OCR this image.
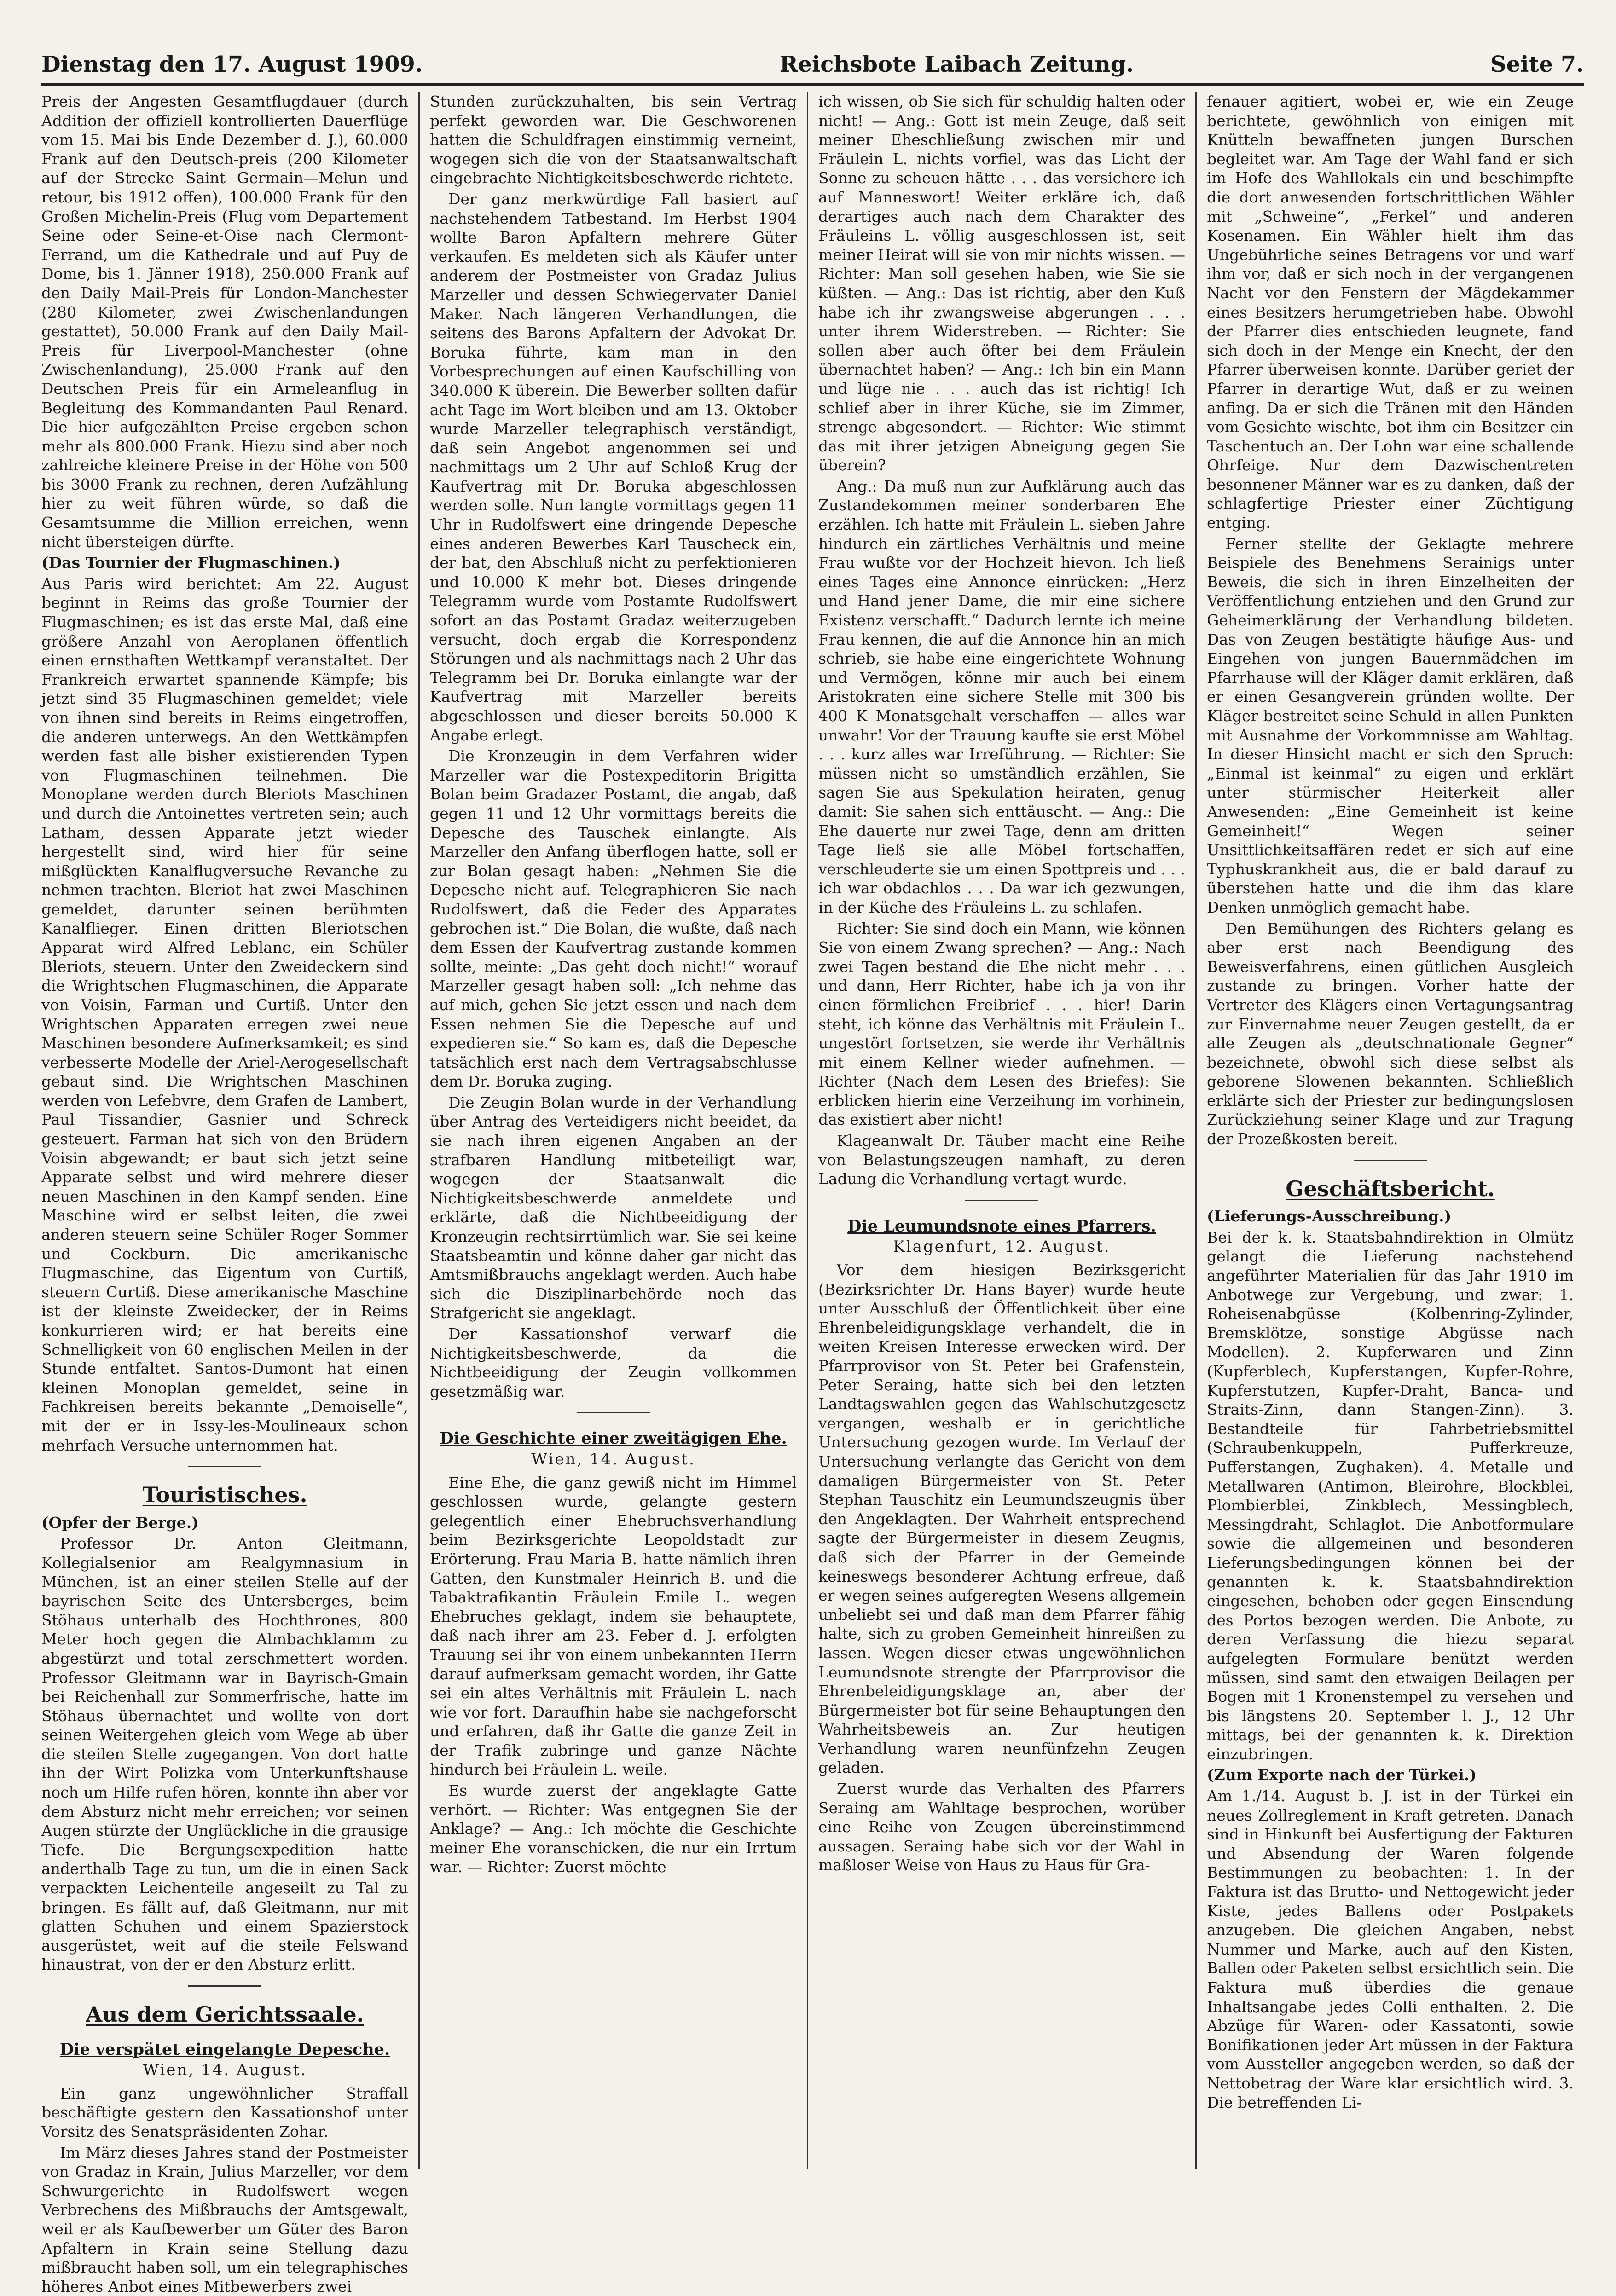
Dienstag den 17. August 1909.	Reichsbote Laibach Zeitung.	Seite 7.

Preis der Angesten Gesamtflugdauer (durch Addition der offiziell kontrollierten Dauerflüge vom 15. Mai bis Ende Dezember d. J.), 60.000 Frank auf den Deutsch-preis (200 Kilometer auf der Strecke Saint Germain—Melun und retour, bis 1912 offen), 100.000 Frank für den Großen Michelin-Preis (Flug vom Departement Seine oder Seine-et-Oise nach Clermont-Ferrand, um die Kathedrale und auf Puy de Dome, bis 1. Jänner 1918), 250.000 Frank auf den Daily Mail-Preis für London-Manchester (280 Kilometer, zwei Zwischenlandungen gestattet), 50.000 Frank auf den Daily Mail-Preis für Liverpool-Manchester (ohne Zwischenlandung), 25.000 Frank auf den Deutschen Preis für ein Armeleanflug in Begleitung des Kommandanten Paul Renard. Die hier aufgezählten Preise ergeben schon mehr als 800.000 Frank. Hiezu sind aber noch zahlreiche kleinere Preise in der Höhe von 500 bis 3000 Frank zu rechnen, deren Aufzählung hier zu weit führen würde, so daß die Gesamtsumme die Million erreichen, wenn nicht übersteigen dürfte.

(Das Tournier der Flugmaschinen.)

Aus Paris wird berichtet: Am 22. August beginnt in Reims das große Tournier der Flugmaschinen; es ist das erste Mal, daß eine größere Anzahl von Aeroplanen öffentlich einen ernsthaften Wettkampf veranstaltet. Der Frankreich erwartet spannende Kämpfe; bis jetzt sind 35 Flugmaschinen gemeldet; viele von ihnen sind bereits in Reims eingetroffen, die anderen unterwegs. An den Wettkämpfen werden fast alle bisher existierenden Typen von Flugmaschinen teilnehmen. Die Monoplane werden durch Bleriots Maschinen und durch die Antoinettes vertreten sein; auch Latham, dessen Apparate jetzt wieder hergestellt sind, wird hier für seine mißglückten Kanalflugversuche Revanche zu nehmen trachten. Bleriot hat zwei Maschinen gemeldet, darunter seinen berühmten Kanalflieger. Einen dritten Bleriotschen Apparat wird Alfred Leblanc, ein Schüler Bleriots, steuern. Unter den Zweideckern sind die Wrightschen Flugmaschinen, die Apparate von Voisin, Farman und Curtiß. Unter den Wrightschen Apparaten erregen zwei neue Maschinen besondere Aufmerksamkeit; es sind verbesserte Modelle der Ariel-Aerogesellschaft gebaut sind. Die Wrightschen Maschinen werden von Lefebvre, dem Grafen de Lambert, Paul Tissandier, Gasnier und Schreck gesteuert. Farman hat sich von den Brüdern Voisin abgewandt; er baut sich jetzt seine Apparate selbst und wird mehrere dieser neuen Maschinen in den Kampf senden. Eine Maschine wird er selbst leiten, die zwei anderen steuern seine Schüler Roger Sommer und Cockburn. Die amerikanische Flugmaschine, das Eigentum von Curtiß, steuern Curtiß. Diese amerikanische Maschine ist der kleinste Zweidecker, der in Reims konkurrieren wird; er hat bereits eine Schnelligkeit von 60 englischen Meilen in der Stunde entfaltet. Santos-Dumont hat einen kleinen Monoplan gemeldet, seine in Fachkreisen bereits bekannte „Demoiselle“, mit der er in Issy-les-Moulineaux schon mehrfach Versuche unternommen hat.

Touristisches.

(Opfer der Berge.)

Professor Dr. Anton Gleitmann, Kollegialsenior am Realgymnasium in München, ist an einer steilen Stelle auf der bayrischen Seite des Untersberges, beim Stöhaus unterhalb des Hochthrones, 800 Meter hoch gegen die Almbachklamm zu abgestürzt und total zerschmettert worden. Professor Gleitmann war in Bayrisch-Gmain bei Reichenhall zur Sommerfrische, hatte im Stöhaus übernachtet und wollte von dort seinen Weitergehen gleich vom Wege ab über die steilen Stelle zugegangen. Von dort hatte ihn der Wirt Polizka vom Unterkunftshause noch um Hilfe rufen hören, konnte ihn aber vor dem Absturz nicht mehr erreichen; vor seinen Augen stürzte der Unglückliche in die grausige Tiefe. Die Bergungsexpedition hatte anderthalb Tage zu tun, um die in einen Sack verpackten Leichenteile angeseilt zu Tal zu bringen. Es fällt auf, daß Gleitmann, nur mit glatten Schuhen und einem Spazierstock ausgerüstet, weit auf die steile Felswand hinaustrat, von der er den Absturz erlitt.

Aus dem Gerichtssaale.
Die verspätet eingelangte Depesche.
Wien, 14. August.

Ein ganz ungewöhnlicher Straffall beschäftigte gestern den Kassationshof unter Vorsitz des Senatspräsidenten Zohar.

Im März dieses Jahres stand der Postmeister von Gradaz in Krain, Julius Marzeller, vor dem Schwurgerichte in Rudolfswert wegen Verbrechens des Mißbrauchs der Amtsgewalt, weil er als Kaufbewerber um Güter des Baron Apfaltern in Krain seine Stellung dazu mißbraucht haben soll, um ein telegraphisches höheres Anbot eines Mitbewerbers zwei

Stunden zurückzuhalten, bis sein Vertrag perfekt geworden war. Die Geschworenen hatten die Schuldfragen einstimmig verneint, wogegen sich die von der Staatsanwaltschaft eingebrachte Nichtigkeitsbeschwerde richtete.

Der ganz merkwürdige Fall basiert auf nachstehendem Tatbestand. Im Herbst 1904 wollte Baron Apfaltern mehrere Güter verkaufen. Es meldeten sich als Käufer unter anderem der Postmeister von Gradaz Julius Marzeller und dessen Schwiegervater Daniel Maker. Nach längeren Verhandlungen, die seitens des Barons Apfaltern der Advokat Dr. Boruka führte, kam man in den Vorbesprechungen auf einen Kaufschilling von 340.000 K überein. Die Bewerber sollten dafür acht Tage im Wort bleiben und am 13. Oktober wurde Marzeller telegraphisch verständigt, daß sein Angebot angenommen sei und nachmittags um 2 Uhr auf Schloß Krug der Kaufvertrag mit Dr. Boruka abgeschlossen werden solle. Nun langte vormittags gegen 11 Uhr in Rudolfswert eine dringende Depesche eines anderen Bewerbes Karl Tauscheck ein, der bat, den Abschluß nicht zu perfektionieren und 10.000 K mehr bot. Dieses dringende Telegramm wurde vom Postamte Rudolfswert sofort an das Postamt Gradaz weiterzugeben versucht, doch ergab die Korrespondenz Störungen und als nachmittags nach 2 Uhr das Telegramm bei Dr. Boruka einlangte war der Kaufvertrag mit Marzeller bereits abgeschlossen und dieser bereits 50.000 K Angabe erlegt.

Die Kronzeugin in dem Verfahren wider Marzeller war die Postexpeditorin Brigitta Bolan beim Gradazer Postamt, die angab, daß gegen 11 und 12 Uhr vormittags bereits die Depesche des Tauschek einlangte. Als Marzeller den Anfang überflogen hatte, soll er zur Bolan gesagt haben: „Nehmen Sie die Depesche nicht auf. Telegraphieren Sie nach Rudolfswert, daß die Feder des Apparates gebrochen ist.“ Die Bolan, die wußte, daß nach dem Essen der Kaufvertrag zustande kommen sollte, meinte: „Das geht doch nicht!“ worauf Marzeller gesagt haben soll: „Ich nehme das auf mich, gehen Sie jetzt essen und nach dem Essen nehmen Sie die Depesche auf und expedieren sie.“ So kam es, daß die Depesche tatsächlich erst nach dem Vertragsabschlusse dem Dr. Boruka zuging.

Die Zeugin Bolan wurde in der Verhandlung über Antrag des Verteidigers nicht beeidet, da sie nach ihren eigenen Angaben an der strafbaren Handlung mitbeteiligt war, wogegen der Staatsanwalt die Nichtigkeitsbeschwerde anmeldete und erklärte, daß die Nichtbeeidigung der Kronzeugin rechtsirrtümlich war. Sie sei keine Staatsbeamtin und könne daher gar nicht das Amtsmißbrauchs angeklagt werden. Auch habe sich die Disziplinarbehörde noch das Strafgericht sie angeklagt.

Der Kassationshof verwarf die Nichtigkeitsbeschwerde, da die Nichtbeeidigung der Zeugin vollkommen gesetzmäßig war.

Die Geschichte einer zweitägigen Ehe.
Wien, 14. August.

Eine Ehe, die ganz gewiß nicht im Himmel geschlossen wurde, gelangte gestern gelegentlich einer Ehebruchsverhandlung beim Bezirksgerichte Leopoldstadt zur Erörterung. Frau Maria B. hatte nämlich ihren Gatten, den Kunstmaler Heinrich B. und die Tabaktrafikantin Fräulein Emile L. wegen Ehebruches geklagt, indem sie behauptete, daß nach ihrer am 23. Feber d. J. erfolgten Trauung sei ihr von einem unbekannten Herrn darauf aufmerksam gemacht worden, ihr Gatte sei ein altes Verhältnis mit Fräulein L. nach wie vor fort. Daraufhin habe sie nachgeforscht und erfahren, daß ihr Gatte die ganze Zeit in der Trafik zubringe und ganze Nächte hindurch bei Fräulein L. weile.

Es wurde zuerst der angeklagte Gatte verhört. — Richter: Was entgegnen Sie der Anklage? — Ang.: Ich möchte die Geschichte meiner Ehe voranschicken, die nur ein Irrtum war. — Richter: Zuerst möchte

ich wissen, ob Sie sich für schuldig halten oder nicht! — Ang.: Gott ist mein Zeuge, daß seit meiner Eheschließung zwischen mir und Fräulein L. nichts vorfiel, was das Licht der Sonne zu scheuen hätte . . . das versichere ich auf Manneswort! Weiter erkläre ich, daß derartiges auch nach dem Charakter des Fräuleins L. völlig ausgeschlossen ist, seit meiner Heirat will sie von mir nichts wissen. — Richter: Man soll gesehen haben, wie Sie sie küßten. — Ang.: Das ist richtig, aber den Kuß habe ich ihr zwangsweise abgerungen . . . unter ihrem Widerstreben. — Richter: Sie sollen aber auch öfter bei dem Fräulein übernachtet haben? — Ang.: Ich bin ein Mann und lüge nie . . . auch das ist richtig! Ich schlief aber in ihrer Küche, sie im Zimmer, strenge abgesondert. — Richter: Wie stimmt das mit ihrer jetzigen Abneigung gegen Sie überein?

Ang.: Da muß nun zur Aufklärung auch das Zustandekommen meiner sonderbaren Ehe erzählen. Ich hatte mit Fräulein L. sieben Jahre hindurch ein zärtliches Verhältnis und meine Frau wußte vor der Hochzeit hievon. Ich ließ eines Tages eine Annonce einrücken: „Herz und Hand jener Dame, die mir eine sichere Existenz verschafft.“ Dadurch lernte ich meine Frau kennen, die auf die Annonce hin an mich schrieb, sie habe eine eingerichtete Wohnung und Vermögen, könne mir auch bei einem Aristokraten eine sichere Stelle mit 300 bis 400 K Monatsgehalt verschaffen — alles war unwahr! Vor der Trauung kaufte sie erst Möbel . . . kurz alles war Irreführung. — Richter: Sie müssen nicht so umständlich erzählen, Sie sagen Sie aus Spekulation heiraten, genug damit: Sie sahen sich enttäuscht. — Ang.: Die Ehe dauerte nur zwei Tage, denn am dritten Tage ließ sie alle Möbel fortschaffen, verschleuderte sie um einen Spottpreis und . . . ich war obdachlos . . . Da war ich gezwungen, in der Küche des Fräuleins L. zu schlafen.

Richter: Sie sind doch ein Mann, wie können Sie von einem Zwang sprechen? — Ang.: Nach zwei Tagen bestand die Ehe nicht mehr . . . und dann, Herr Richter, habe ich ja von ihr einen förmlichen Freibrief . . . hier! Darin steht, ich könne das Verhältnis mit Fräulein L. ungestört fortsetzen, sie werde ihr Verhältnis mit einem Kellner wieder aufnehmen. — Richter (Nach dem Lesen des Briefes): Sie erblicken hierin eine Verzeihung im vorhinein, das existiert aber nicht!

Klageanwalt Dr. Täuber macht eine Reihe von Belastungszeugen namhaft, zu deren Ladung die Verhandlung vertagt wurde.

Die Leumundsnote eines Pfarrers.
Klagenfurt, 12. August.

Vor dem hiesigen Bezirksgericht (Bezirksrichter Dr. Hans Bayer) wurde heute unter Ausschluß der Öffentlichkeit über eine Ehrenbeleidigungsklage verhandelt, die in weiten Kreisen Interesse erwecken wird. Der Pfarrprovisor von St. Peter bei Grafenstein, Peter Seraing, hatte sich bei den letzten Landtagswahlen gegen das Wahlschutzgesetz vergangen, weshalb er in gerichtliche Untersuchung gezogen wurde. Im Verlauf der Untersuchung verlangte das Gericht von dem damaligen Bürgermeister von St. Peter Stephan Tauschitz ein Leumundszeugnis über den Angeklagten. Der Wahrheit entsprechend sagte der Bürgermeister in diesem Zeugnis, daß sich der Pfarrer in der Gemeinde keineswegs besonderer Achtung erfreue, daß er wegen seines aufgeregten Wesens allgemein unbeliebt sei und daß man dem Pfarrer fähig halte, sich zu groben Gemeinheit hinreißen zu lassen. Wegen dieser etwas ungewöhnlichen Leumundsnote strengte der Pfarrprovisor die Ehrenbeleidigungsklage an, aber der Bürgermeister bot für seine Behauptungen den Wahrheitsbeweis an. Zur heutigen Verhandlung waren neunfünfzehn Zeugen geladen.

Zuerst wurde das Verhalten des Pfarrers Seraing am Wahltage besprochen, worüber eine Reihe von Zeugen übereinstimmend aussagen. Seraing habe sich vor der Wahl in maßloser Weise von Haus zu Haus für Gra-

fenauer agitiert, wobei er, wie ein Zeuge berichtete, gewöhnlich von einigen mit Knütteln bewaffneten jungen Burschen begleitet war. Am Tage der Wahl fand er sich im Hofe des Wahllokals ein und beschimpfte die dort anwesenden fortschrittlichen Wähler mit „Schweine“, „Ferkel“ und anderen Kosenamen. Ein Wähler hielt ihm das Ungebührliche seines Betragens vor und warf ihm vor, daß er sich noch in der vergangenen Nacht vor den Fenstern der Mägdekammer eines Besitzers herumgetrieben habe. Obwohl der Pfarrer dies entschieden leugnete, fand sich doch in der Menge ein Knecht, der den Pfarrer überweisen konnte. Darüber geriet der Pfarrer in derartige Wut, daß er zu weinen anfing. Da er sich die Tränen mit den Händen vom Gesichte wischte, bot ihm ein Besitzer ein Taschentuch an. Der Lohn war eine schallende Ohrfeige. Nur dem Dazwischentreten besonnener Männer war es zu danken, daß der schlagfertige Priester einer Züchtigung entging.

Ferner stellte der Geklagte mehrere Beispiele des Benehmens Serainigs unter Beweis, die sich in ihren Einzelheiten der Veröffentlichung entziehen und den Grund zur Geheimerklärung der Verhandlung bildeten. Das von Zeugen bestätigte häufige Aus- und Eingehen von jungen Bauernmädchen im Pfarrhause will der Kläger damit erklären, daß er einen Gesangverein gründen wollte. Der Kläger bestreitet seine Schuld in allen Punkten mit Ausnahme der Vorkommnisse am Wahltag. In dieser Hinsicht macht er sich den Spruch: „Einmal ist keinmal“ zu eigen und erklärt unter stürmischer Heiterkeit aller Anwesenden: „Eine Gemeinheit ist keine Gemeinheit!“ Wegen seiner Unsittlichkeitsaffären redet er sich auf eine Typhuskrankheit aus, die er bald darauf zu überstehen hatte und die ihm das klare Denken unmöglich gemacht habe.

Den Bemühungen des Richters gelang es aber erst nach Beendigung des Beweisverfahrens, einen gütlichen Ausgleich zustande zu bringen. Vorher hatte der Vertreter des Klägers einen Vertagungsantrag zur Einvernahme neuer Zeugen gestellt, da er alle Zeugen als „deutschnationale Gegner“ bezeichnete, obwohl sich diese selbst als geborene Slowenen bekannten. Schließlich erklärte sich der Priester zur bedingungslosen Zurückziehung seiner Klage und zur Tragung der Prozeßkosten bereit.

Geschäftsbericht.

(Lieferungs-Ausschreibung.)

Bei der k. k. Staatsbahndirektion in Olmütz gelangt die Lieferung nachstehend angeführter Materialien für das Jahr 1910 im Anbotwege zur Vergebung, und zwar: 1. Roheisenabgüsse (Kolbenring-Zylinder, Bremsklötze, sonstige Abgüsse nach Modellen). 2. Kupferwaren und Zinn (Kupferblech, Kupferstangen, Kupfer-Rohre, Kupferstutzen, Kupfer-Draht, Banca- und Straits-Zinn, dann Stangen-Zinn). 3. Bestandteile für Fahrbetriebsmittel (Schraubenkuppeln, Pufferkreuze, Pufferstangen, Zughaken). 4. Metalle und Metallwaren (Antimon, Bleirohre, Blockblei, Plombierblei, Zinkblech, Messingblech, Messingdraht, Schlaglot. Die Anbotformulare sowie die allgemeinen und besonderen Lieferungsbedingungen können bei der genannten k. k. Staatsbahndirektion eingesehen, behoben oder gegen Einsendung des Portos bezogen werden. Die Anbote, zu deren Verfassung die hiezu separat aufgelegten Formulare benützt werden müssen, sind samt den etwaigen Beilagen per Bogen mit 1 Kronenstempel zu versehen und bis längstens 20. September l. J., 12 Uhr mittags, bei der genannten k. k. Direktion einzubringen.

(Zum Exporte nach der Türkei.)

Am 1./14. August b. J. ist in der Türkei ein neues Zollreglement in Kraft getreten. Danach sind in Hinkunft bei Ausfertigung der Fakturen und Absendung der Waren folgende Bestimmungen zu beobachten: 1. In der Faktura ist das Brutto- und Nettogewicht jeder Kiste, jedes Ballens oder Postpakets anzugeben. Die gleichen Angaben, nebst Nummer und Marke, auch auf den Kisten, Ballen oder Paketen selbst ersichtlich sein. Die Faktura muß überdies die genaue Inhaltsangabe jedes Colli enthalten. 2. Die Abzüge für Waren- oder Kassatonti, sowie Bonifikationen jeder Art müssen in der Faktura vom Aussteller angegeben werden, so daß der Nettobetrag der Ware klar ersichtlich wird. 3. Die betreffenden Li-
